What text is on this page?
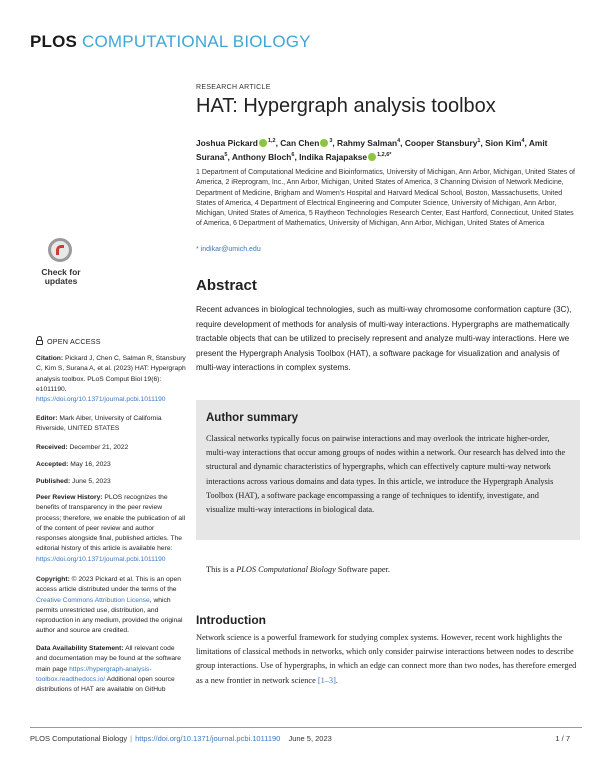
PLOS COMPUTATIONAL BIOLOGY
RESEARCH ARTICLE
HAT: Hypergraph analysis toolbox
Joshua Pickard $^{1,2}$, Can Chen $^3$, Rahmy Salman$^4$, Cooper Stansbury$^1$, Sion Kim$^4$, Amit Surana$^5$, Anthony Bloch$^6$, Indika Rajapakse $^{1,2,6*}$
1 Department of Computational Medicine and Bioinformatics, University of Michigan, Ann Arbor, Michigan, United States of America, 2 iReprogram, Inc., Ann Arbor, Michigan, United States of America, 3 Channing Division of Network Medicine, Department of Medicine, Brigham and Women's Hospital and Harvard Medical School, Boston, Massachusetts, United States of America, 4 Department of Electrical Engineering and Computer Science, University of Michigan, Ann Arbor, Michigan, United States of America, 5 Raytheon Technologies Research Center, East Hartford, Connecticut, United States of America, 6 Department of Mathematics, University of Michigan, Ann Arbor, Michigan, United States of America
* indikar@umich.edu
Check for
updates
OPEN ACCESS
Citation: Pickard J, Chen C, Salman R, Stansbury C, Kim S, Surana A, et al. (2023) HAT: Hypergraph analysis toolbox. PLoS Comput Biol 19(6): e1011190. https://doi.org/10.1371/journal.pcbi.1011190
Editor: Mark Alber, University of California Riverside, UNITED STATES
Received: December 21, 2022
Accepted: May 16, 2023
Published: June 5, 2023
Peer Review History: PLOS recognizes the benefits of transparency in the peer review process; therefore, we enable the publication of all of the content of peer review and author responses alongside final, published articles. The editorial history of this article is available here: https://doi.org/10.1371/journal.pcbi.1011190
Copyright: © 2023 Pickard et al. This is an open access article distributed under the terms of the Creative Commons Attribution License, which permits unrestricted use, distribution, and reproduction in any medium, provided the original author and source are credited.
Data Availability Statement: All relevant code and documentation may be found at the software main page https://hypergraph-analysis-toolbox.readthedocs.io/ Additional open source distributions of HAT are available on GitHub
Abstract

Recent advances in biological technologies, such as multi-way chromosome conformation capture (3C), require development of methods for analysis of multi-way interactions. Hypergraphs are mathematically tractable objects that can be utilized to precisely represent and analyze multi-way interactions. Here we present the Hypergraph Analysis Toolbox (HAT), a software package for visualization and analysis of multi-way interactions in complex systems.

Author summary

Classical networks typically focus on pairwise interactions and may overlook the intricate higher-order, multi-way interactions that occur among groups of nodes within a network. Our research has delved into the structural and dynamic characteristics of hypergraphs, which can effectively capture multi-way network interactions across various domains and data types. In this article, we introduce the Hypergraph Analysis Toolbox (HAT), a software package encompassing a range of techniques to identify, investigate, and visualize multi-way interactions in biological data.

This is a PLOS Computational Biology Software paper.

Introduction

Network science is a powerful framework for studying complex systems. However, recent work highlights the limitations of classical methods in networks, which only consider pairwise interactions between nodes to describe group interactions. Use of hypergraphs, in which an edge can connect more than two nodes, has therefore emerged as a new frontier in network science [1–3].

PLOS Computational Biology | https://doi.org/10.1371/journal.pcbi.1011190 June 5, 2023	1 / 7
